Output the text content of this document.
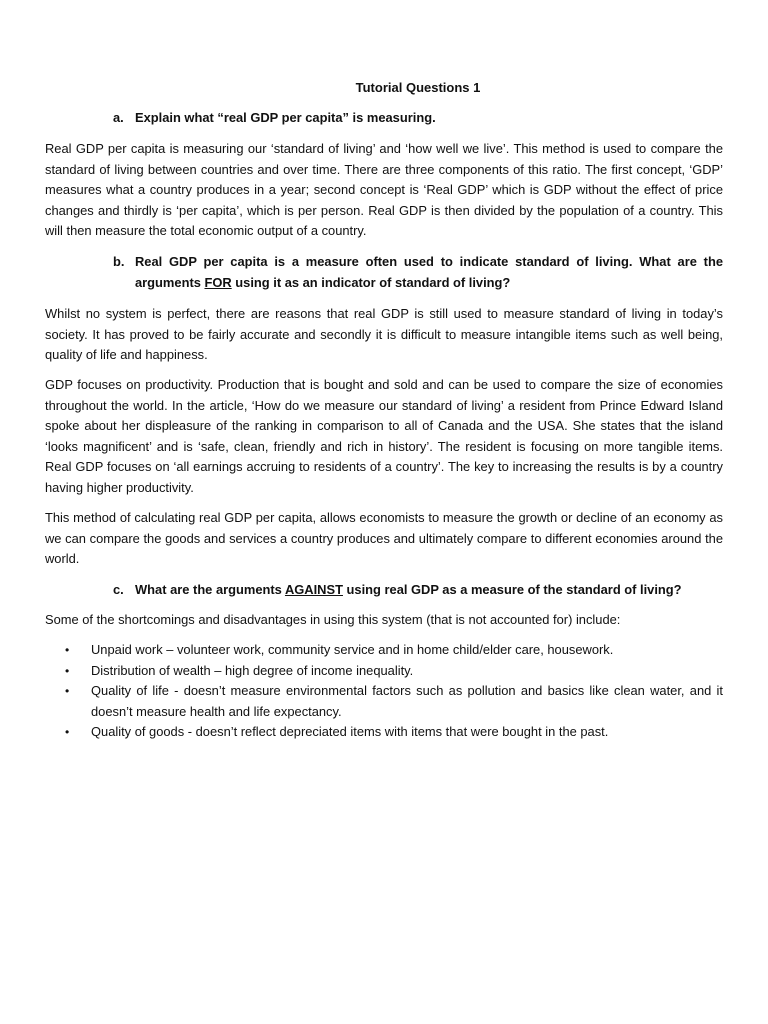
Tutorial Questions 1
a. Explain what “real GDP per capita” is measuring.
Real GDP per capita is measuring our ‘standard of living’ and ‘how well we live’. This method is used to compare the standard of living between countries and over time. There are three components of this ratio. The first concept, ‘GDP’ measures what a country produces in a year; second concept is ‘Real GDP’ which is GDP without the effect of price changes and thirdly is ‘per capita’, which is per person. Real GDP is then divided by the population of a country. This will then measure the total economic output of a country.
b. Real GDP per capita is a measure often used to indicate standard of living. What are the arguments FOR using it as an indicator of standard of living?
Whilst no system is perfect, there are reasons that real GDP is still used to measure standard of living in today’s society. It has proved to be fairly accurate and secondly it is difficult to measure intangible items such as well being, quality of life and happiness.
GDP focuses on productivity. Production that is bought and sold and can be used to compare the size of economies throughout the world. In the article, ‘How do we measure our standard of living’ a resident from Prince Edward Island spoke about her displeasure of the ranking in comparison to all of Canada and the USA. She states that the island ‘looks magnificent’ and is ‘safe, clean, friendly and rich in history’. The resident is focusing on more tangible items. Real GDP focuses on ‘all earnings accruing to residents of a country’. The key to increasing the results is by a country having higher productivity.
This method of calculating real GDP per capita, allows economists to measure the growth or decline of an economy as we can compare the goods and services a country produces and ultimately compare to different economies around the world.
c. What are the arguments AGAINST using real GDP as a measure of the standard of living?
Some of the shortcomings and disadvantages in using this system (that is not accounted for) include:
• Unpaid work – volunteer work, community service and in home child/elder care, housework.
• Distribution of wealth – high degree of income inequality.
• Quality of life - doesn’t measure environmental factors such as pollution and basics like clean water, and it doesn’t measure health and life expectancy.
• Quality of goods - doesn’t reflect depreciated items with items that were bought in the past.
